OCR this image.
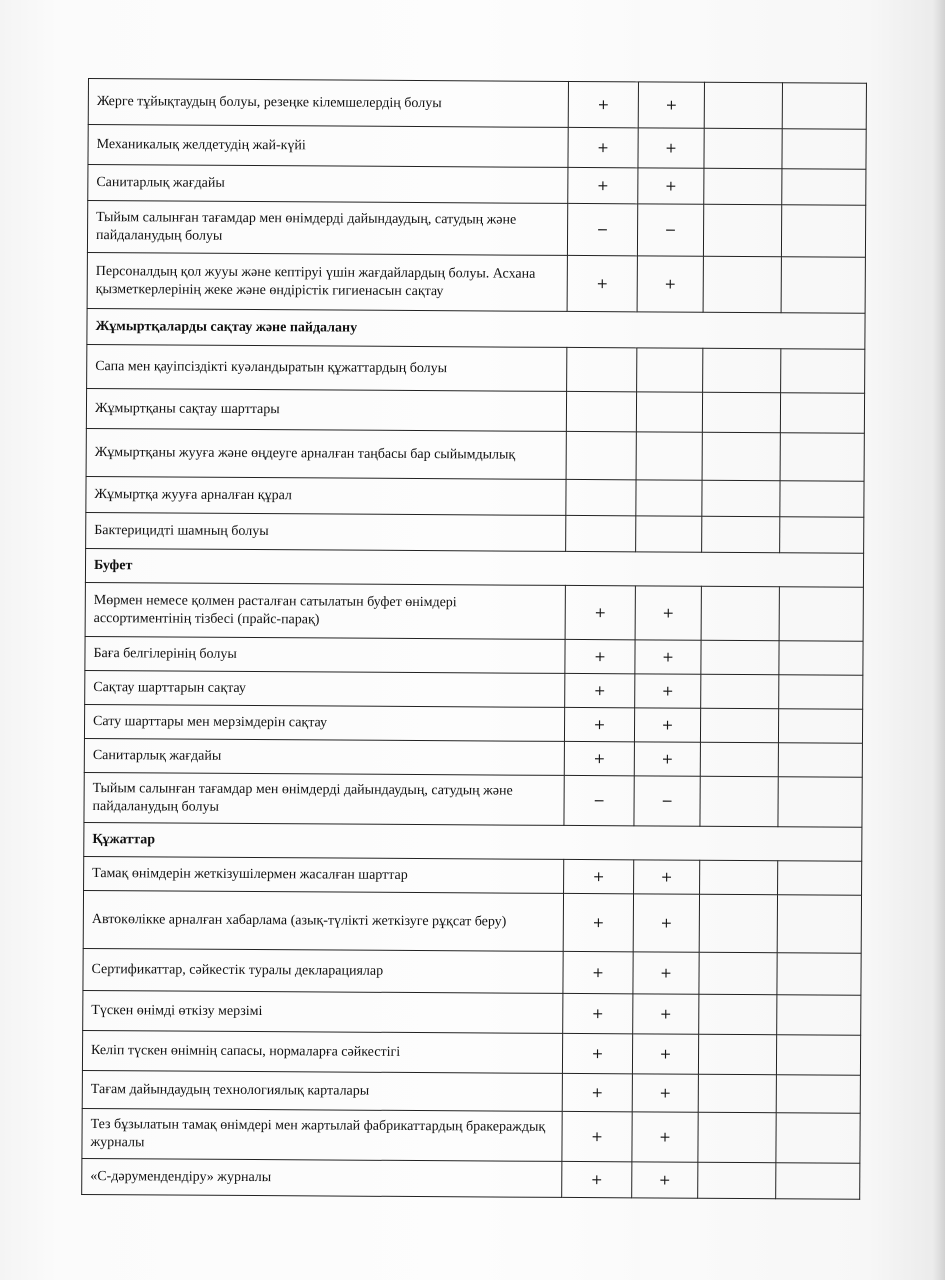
Жерге тұйықтаудың болуы, резеңке кілемшелердің болуы	+	+		
Механикалық желдетудің жай-күйі	+	+		
Санитарлық жағдайы	+	+		
Тыйым салынған тағамдар мен өнімдерді дайындаудың, сатудың және пайдаланудың болуы	−	−		
Персоналдың қол жууы және кептіруі үшін жағдайлардың болуы. Асхана қызметкерлерінің жеке және өндірістік гигиенасын сақтау	+	+		
Жұмыртқаларды сақтау және пайдалану				
Сапа мен қауіпсіздікті куәландыратын құжаттардың болуы				
Жұмыртқаны сақтау шарттары				
Жұмыртқаны жууға және өңдеуге арналған таңбасы бар сыйымдылық				
Жұмыртқа жууға арналған құрал				
Бактерицидті шамның болуы				
Буфет				
Мөрмен немесе қолмен расталған сатылатын буфет өнімдері ассортиментінің тізбесі (прайс-парақ)	+	+		
Баға белгілерінің болуы	+	+		
Сақтау шарттарын сақтау	+	+		
Сату шарттары мен мерзімдерін сақтау	+	+		
Санитарлық жағдайы	+	+		
Тыйым салынған тағамдар мен өнімдерді дайындаудың, сатудың және пайдаланудың болуы	−	−		
Құжаттар				
Тамақ өнімдерін жеткізушілермен жасалған шарттар	+	+		
Автокөлікке арналған хабарлама (азық-түлікті жеткізуге рұқсат беру)	+	+		
Сертификаттар, сәйкестік туралы декларациялар	+	+		
Түскен өнімді өткізу мерзімі	+	+		
Келіп түскен өнімнің сапасы, нормаларға сәйкестігі	+	+		
Тағам дайындаудың технологиялық карталары	+	+		
Тез бұзылатын тамақ өнімдері мен жартылай фабрикаттардың бракераждық журналы	+	+		
«С-дәрумендендіру» журналы	+	+		
